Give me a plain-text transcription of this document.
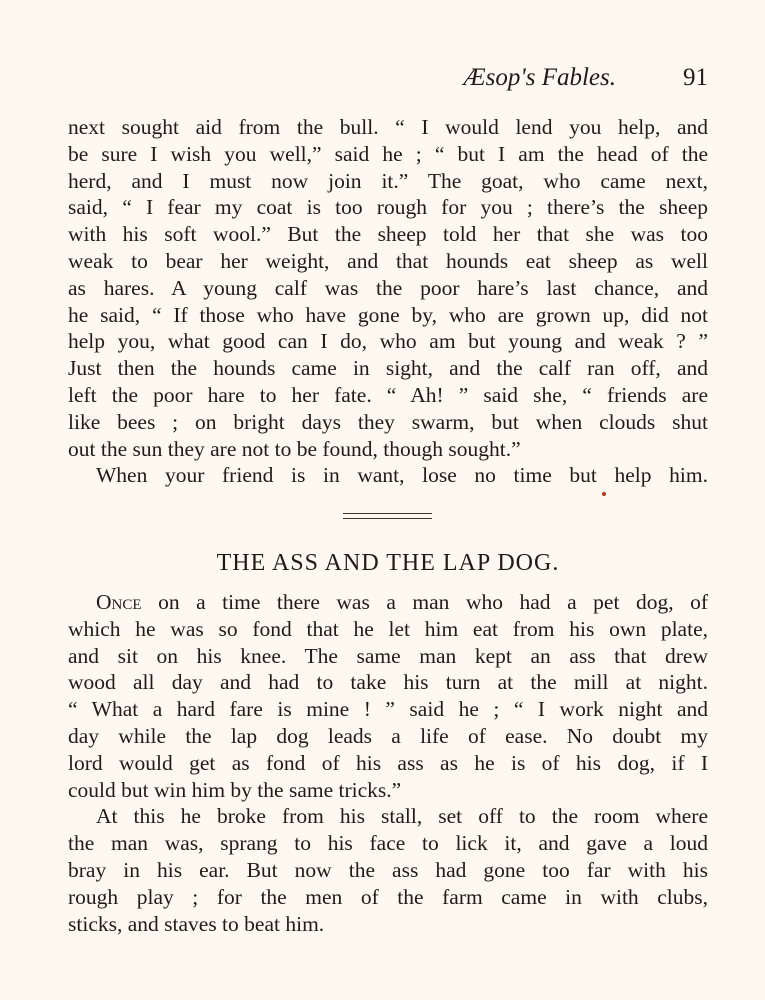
Æsop's Fables.	91
next sought aid from the bull. “ I would lend you help, and
be sure I wish you well,” said he ; “ but I am the head of the
herd, and I must now join it.” The goat, who came next,
said, “ I fear my coat is too rough for you ; there’s the sheep
with his soft wool.” But the sheep told her that she was too
weak to bear her weight, and that hounds eat sheep as well
as hares. A young calf was the poor hare’s last chance, and
he said, “ If those who have gone by, who are grown up, did not
help you, what good can I do, who am but young and weak ? ”
Just then the hounds came in sight, and the calf ran off, and
left the poor hare to her fate. “ Ah! ” said she, “ friends are
like bees ; on bright days they swarm, but when clouds shut
out the sun they are not to be found, though sought.”
When your friend is in want, lose no time but help him.
THE ASS AND THE LAP DOG.
Once on a time there was a man who had a pet dog, of
which he was so fond that he let him eat from his own plate,
and sit on his knee. The same man kept an ass that drew
wood all day and had to take his turn at the mill at night.
“ What a hard fare is mine ! ” said he ; “ I work night and
day while the lap dog leads a life of ease. No doubt my
lord would get as fond of his ass as he is of his dog, if I
could but win him by the same tricks.”
At this he broke from his stall, set off to the room where
the man was, sprang to his face to lick it, and gave a loud
bray in his ear. But now the ass had gone too far with his
rough play ; for the men of the farm came in with clubs,
sticks, and staves to beat him.
